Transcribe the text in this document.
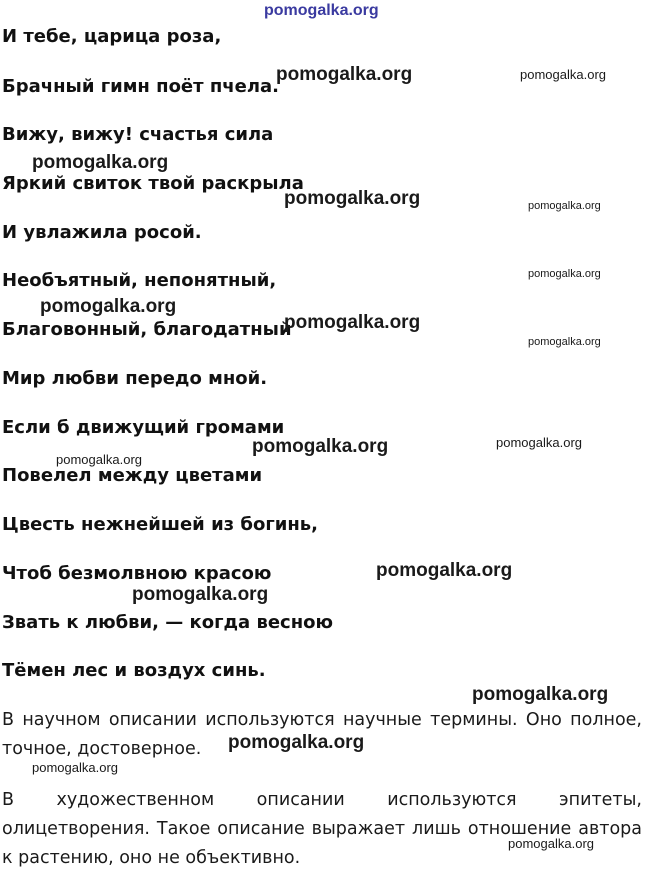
pomogalka.org
И тебе, царица роза,
Брачный гимн поёт пчела.
Вижу, вижу! счастья сила
Яркий свиток твой раскрыла
И увлажила росой.
Необъятный, непонятный,
Благовонный, благодатный
Мир любви передо мной.
Если б движущий громами
Повелел между цветами
Цвесть нежнейшей из богинь,
Чтоб безмолвною красою
Звать к любви, — когда весною
Тёмен лес и воздух синь.
В научном описании используются научные термины. Оно полное, точное, достоверное.
В художественном описании используются эпитеты, олицетворения. Такое описание выражает лишь отношение автора к растению, оно не объективно.
pomogalka.org	pomogalka.org
pomogalka.org
pomogalka.org	pomogalka.org
pomogalka.org
pomogalka.org
pomogalka.org
pomogalka.org
pomogalka.org	pomogalka.org
pomogalka.org
pomogalka.org
pomogalka.org
pomogalka.org
pomogalka.org
pomogalka.org
pomogalka.org
